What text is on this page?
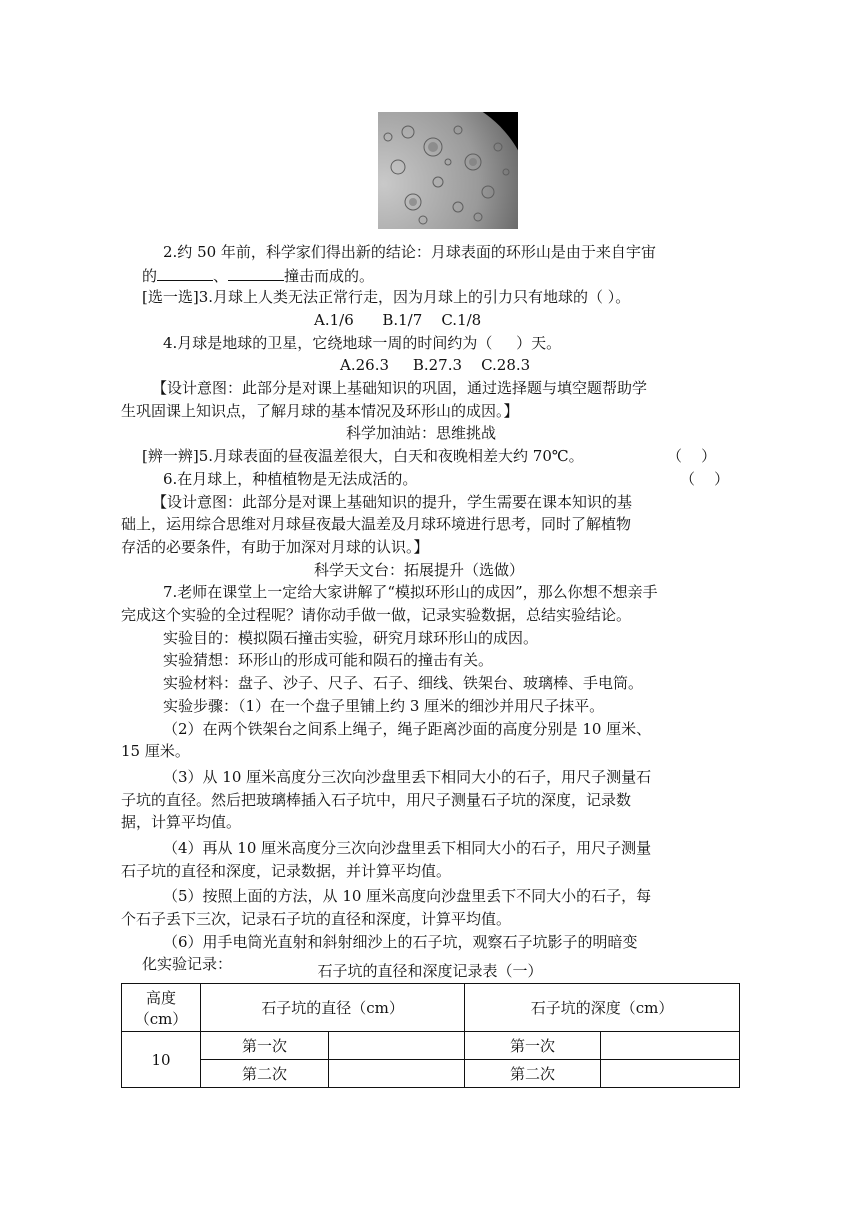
2.约 50 年前，科学家们得出新的结论：月球表面的环形山是由于来自宇宙
的	、	撞击而成的。
[选一选]3.月球上人类无法正常行走，因为月球上的引力只有地球的（ ）。
A.1/6      B.1/7    C.1/8
4.月球是地球的卫星，它绕地球一周的时间约为（     ）天。
A.26.3     B.27.3    C.28.3
【设计意图：此部分是对课上基础知识的巩固，通过选择题与填空题帮助学
生巩固课上知识点，了解月球的基本情况及环形山的成因。】
科学加油站：思维挑战
[辨一辨]5.月球表面的昼夜温差很大，白天和夜晚相差大约 70℃。	（    ）
6.在月球上，种植植物是无法成活的。	（    ）
【设计意图：此部分是对课上基础知识的提升，学生需要在课本知识的基
础上，运用综合思维对月球昼夜最大温差及月球环境进行思考，同时了解植物
存活的必要条件，有助于加深对月球的认识。】
科学天文台：拓展提升（选做）
7.老师在课堂上一定给大家讲解了“模拟环形山的成因”，那么你想不想亲手
完成这个实验的全过程呢？请你动手做一做，记录实验数据，总结实验结论。
实验目的：模拟陨石撞击实验，研究月球环形山的成因。
实验猜想：环形山的形成可能和陨石的撞击有关。
实验材料：盘子、沙子、尺子、石子、细线、铁架台、玻璃棒、手电筒。
实验步骤：（1）在一个盘子里铺上约 3 厘米的细沙并用尺子抹平。
（2）在两个铁架台之间系上绳子，绳子距离沙面的高度分别是 10 厘米、
15 厘米。
（3）从 10 厘米高度分三次向沙盘里丢下相同大小的石子，用尺子测量石
子坑的直径。然后把玻璃棒插入石子坑中，用尺子测量石子坑的深度，记录数
据，计算平均值。
（4）再从 10 厘米高度分三次向沙盘里丢下相同大小的石子，用尺子测量
石子坑的直径和深度，记录数据，并计算平均值。
（5）按照上面的方法，从 10 厘米高度向沙盘里丢下不同大小的石子，每
个石子丢下三次，记录石子坑的直径和深度，计算平均值。
（6）用手电筒光直射和斜射细沙上的石子坑，观察石子坑影子的明暗变
化实验记录：	石子坑的直径和深度记录表（一）
高度
（cm）	石子坑的直径（cm）		石子坑的深度（cm）	
10	第一次		第一次	
	第二次		第二次	
